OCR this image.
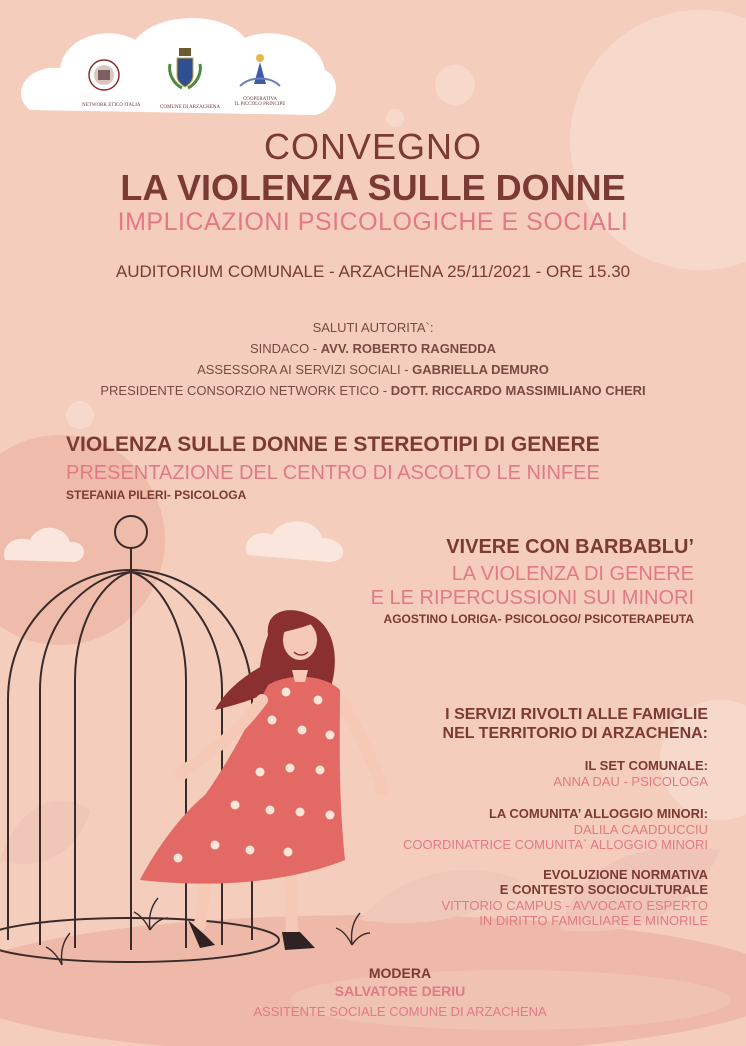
NETWORK ETICO ITALIA	COMUNE DI ARZACHENA
COOPERATIVA
IL PICCOLO PRINCIPE
CONVEGNO
LA VIOLENZA SULLE DONNE
IMPLICAZIONI PSICOLOGICHE E SOCIALI
AUDITORIUM COMUNALE - ARZACHENA 25/11/2021 - ORE 15.30
SALUTI AUTORITA`:
SINDACO - AVV. ROBERTO RAGNEDDA
ASSESSORA AI SERVIZI SOCIALI - GABRIELLA DEMURO
PRESIDENTE CONSORZIO NETWORK ETICO - DOTT. RICCARDO MASSIMILIANO CHERI
VIOLENZA SULLE DONNE E STEREOTIPI DI GENERE
PRESENTAZIONE DEL CENTRO DI ASCOLTO LE NINFEE
STEFANIA PILERI- PSICOLOGA
VIVERE CON BARBABLU’
LA VIOLENZA DI GENERE
E LE RIPERCUSSIONI SUI MINORI
AGOSTINO LORIGA- PSICOLOGO/ PSICOTERAPEUTA
I SERVIZI RIVOLTI ALLE FAMIGLIE
NEL TERRITORIO DI ARZACHENA:
IL SET COMUNALE:
ANNA DAU - PSICOLOGA
LA COMUNITA’ ALLOGGIO MINORI:
DALILA CAADDUCCIU
COORDINATRICE COMUNITA` ALLOGGIO MINORI
EVOLUZIONE NORMATIVA
E CONTESTO SOCIOCULTURALE
VITTORIO CAMPUS - AVVOCATO ESPERTO
IN DIRITTO FAMIGLIARE E MINORILE
MODERA
SALVATORE DERIU
ASSITENTE SOCIALE COMUNE DI ARZACHENA
